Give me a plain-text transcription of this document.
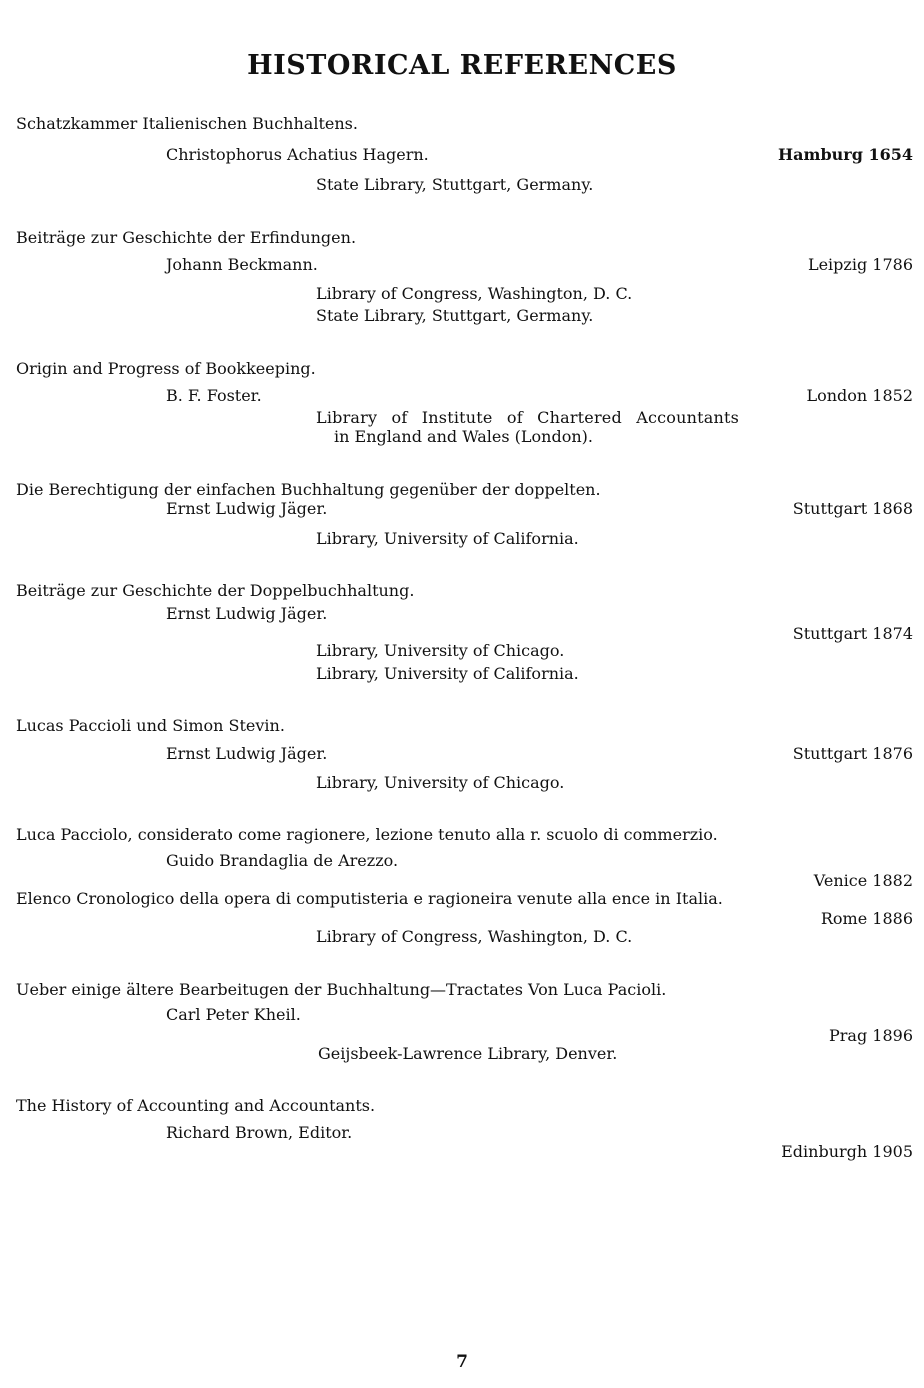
HISTORICAL REFERENCES
Schatzkammer Italienischen Buchhaltens.
Christophorus Achatius Hagern.	Hamburg 1654
State Library, Stuttgart, Germany.
Beiträge zur Geschichte der Erfindungen.
Johann Beckmann.	Leipzig 1786
Library of Congress, Washington, D. C.
State Library, Stuttgart, Germany.
Origin and Progress of Bookkeeping.
B. F. Foster.	London 1852
Library of Institute of Chartered Accountants
in England and Wales (London).
Die Berechtigung der einfachen Buchhaltung gegenüber der doppelten.
Ernst Ludwig Jäger.	Stuttgart 1868
Library, University of California.
Beiträge zur Geschichte der Doppelbuchhaltung.
Ernst Ludwig Jäger.
Stuttgart 1874
Library, University of Chicago.
Library, University of California.
Lucas Paccioli und Simon Stevin.
Ernst Ludwig Jäger.	Stuttgart 1876
Library, University of Chicago.
Luca Pacciolo, considerato come ragionere, lezione tenuto alla r. scuolo di commerzio.
Guido Brandaglia de Arezzo.
Venice 1882
Elenco Cronologico della opera di computisteria e ragioneira venute alla ence in Italia.
Rome 1886
Library of Congress, Washington, D. C.
Ueber einige ältere Bearbeitugen der Buchhaltung—Tractates Von Luca Pacioli.
Carl Peter Kheil.
Prag 1896
Geijsbeek-Lawrence Library, Denver.
The History of Accounting and Accountants.
Richard Brown, Editor.
Edinburgh 1905
7
